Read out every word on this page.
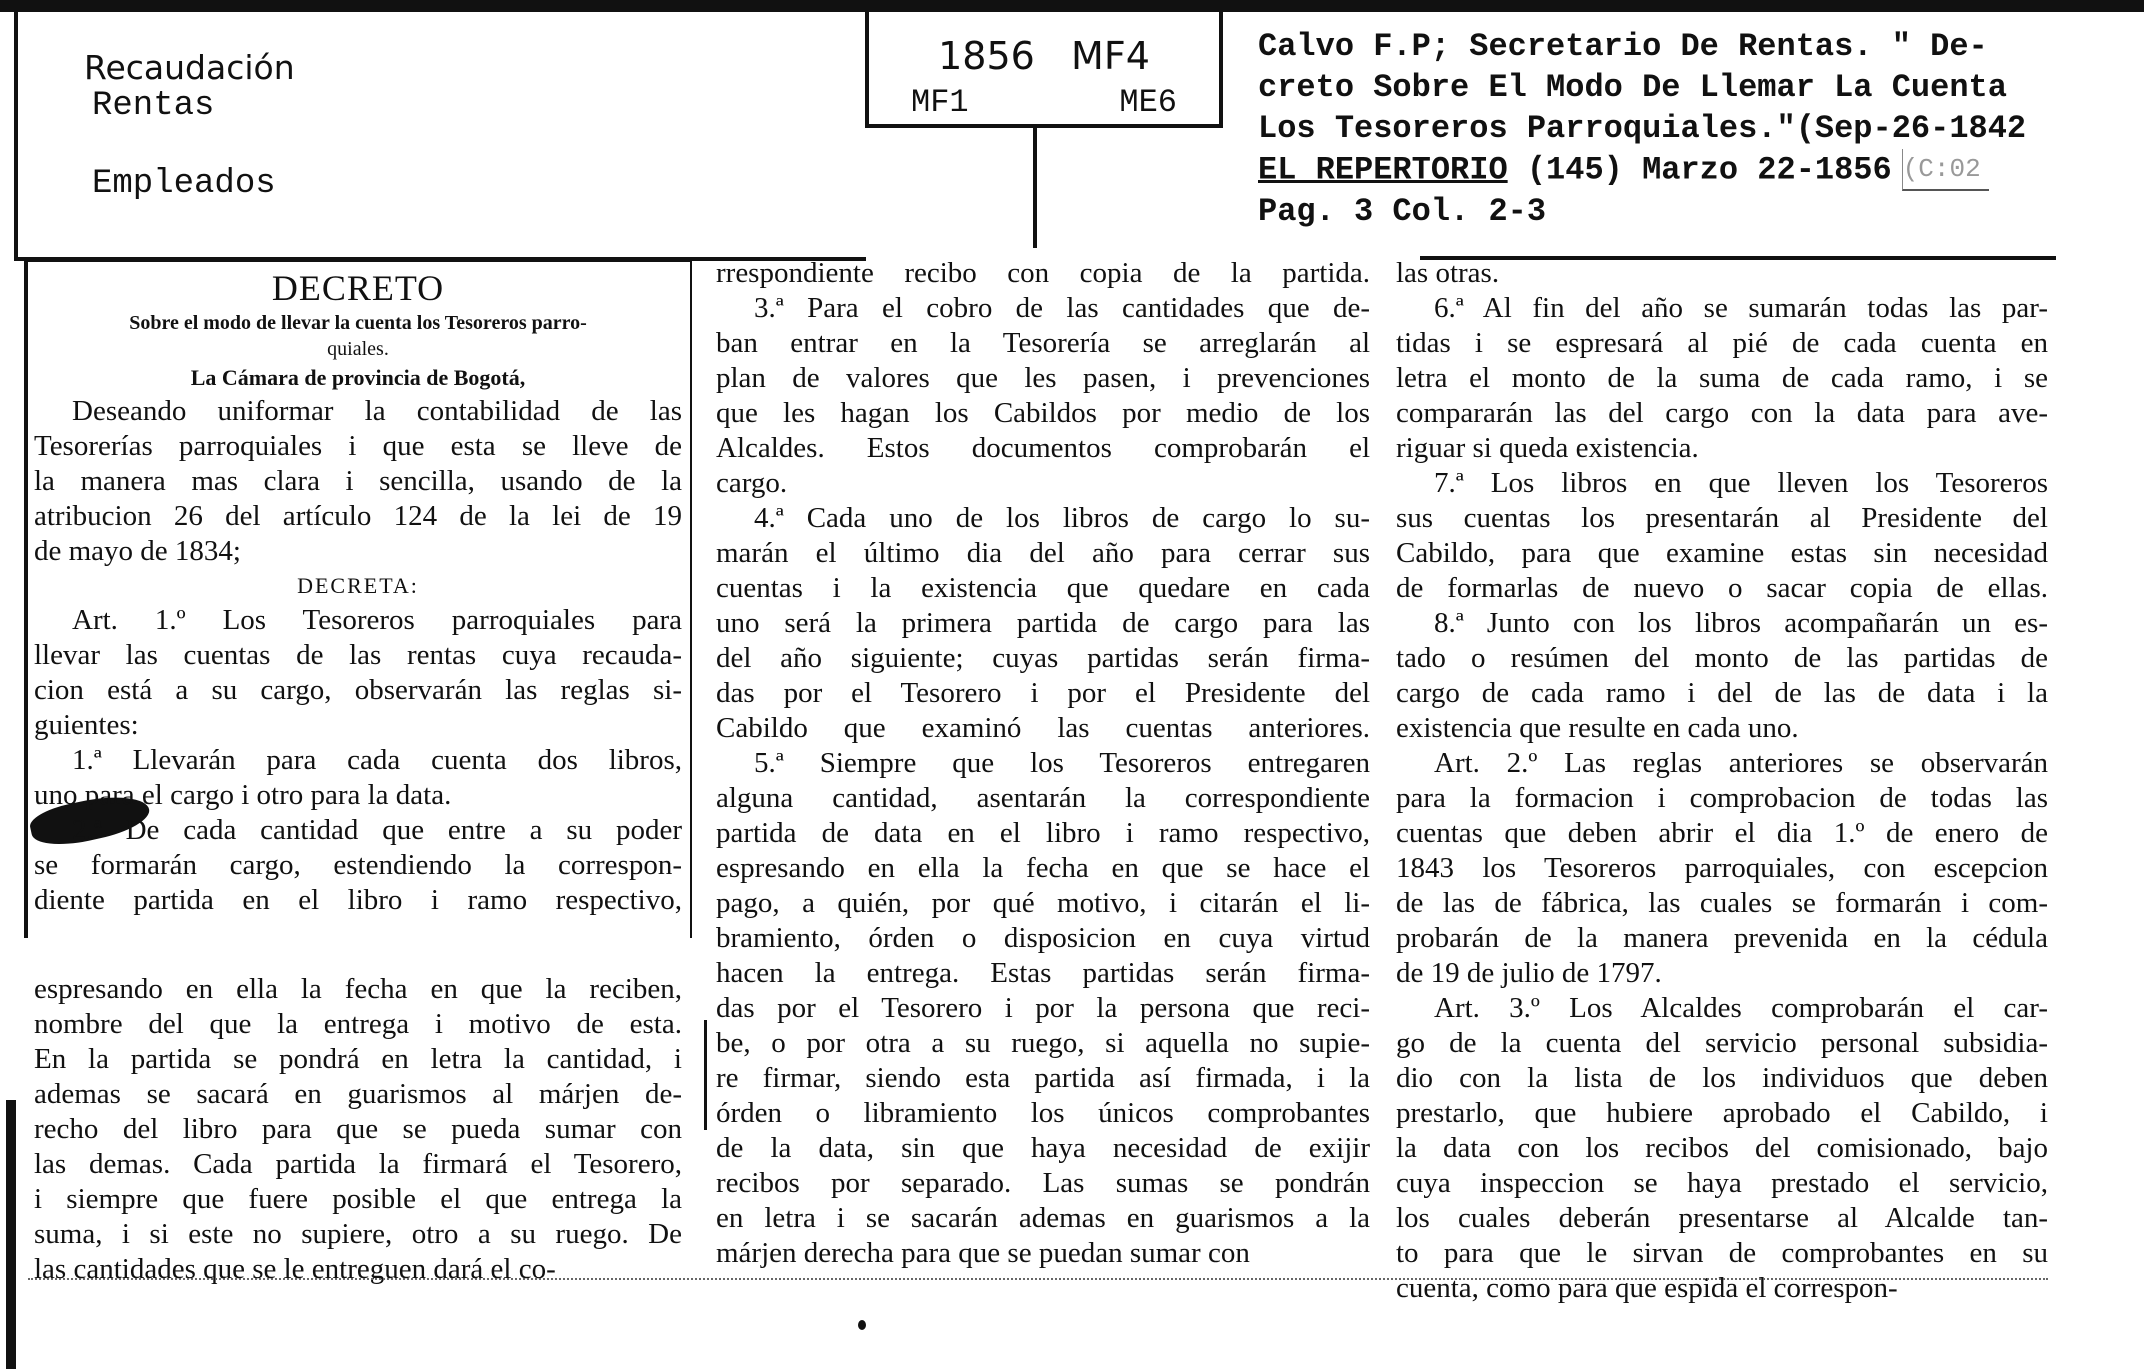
Recaudación
Rentas
Empleados
1856   MF4
MF1	ME6
Calvo F.P; Secretario De Rentas. " De-
creto Sobre El Modo De Llemar La Cuenta
Los Tesoreros Parroquiales."(Sep-26-1842
EL REPERTORIO (145) Marzo 22-1856 (C:02
Pag. 3 Col. 2-3
DECRETO
Sobre el modo de llevar la cuenta los Tesoreros parro-
quiales.
La Cámara de provincia de Bogotá,
Deseando uniformar la contabilidad de las
Tesorerías parroquiales i que esta se lleve de
la manera mas clara i sencilla, usando de la
atribucion 26 del artículo 124 de la lei de 19
de mayo de 1834;
DECRETA:
Art. 1.º Los Tesoreros parroquiales para
llevar las cuentas de las rentas cuya recauda-
cion está a su cargo, observarán las reglas si-
guientes:
1.ª Llevarán para cada cuenta dos libros,
uno para el cargo i otro para la data.
2.ª De cada cantidad que entre a su poder
se formarán cargo, estendiendo la correspon-
diente partida en el libro i ramo respectivo,
espresando en ella la fecha en que la reciben,
nombre del que la entrega i motivo de esta.
En la partida se pondrá en letra la cantidad, i
ademas se sacará en guarismos al márjen de-
recho del libro para que se pueda sumar con
las demas. Cada partida la firmará el Tesorero,
i siempre que fuere posible el que entrega la
suma, i si este no supiere, otro a su ruego. De
las cantidades que se le entreguen dará el co-
rrespondiente recibo con copia de la partida.
3.ª Para el cobro de las cantidades que de-
ban entrar en la Tesorería se arreglarán al
plan de valores que les pasen, i prevenciones
que les hagan los Cabildos por medio de los
Alcaldes. Estos documentos comprobarán el
cargo.
4.ª Cada uno de los libros de cargo lo su-
marán el último dia del año para cerrar sus
cuentas i la existencia que quedare en cada
uno será la primera partida de cargo para las
del año siguiente; cuyas partidas serán firma-
das por el Tesorero i por el Presidente del
Cabildo que examinó las cuentas anteriores.
5.ª Siempre que los Tesoreros entregaren
alguna cantidad, asentarán la correspondiente
partida de data en el libro i ramo respectivo,
espresando en ella la fecha en que se hace el
pago, a quién, por qué motivo, i citarán el li-
bramiento, órden o disposicion en cuya virtud
hacen la entrega. Estas partidas serán firma-
das por el Tesorero i por la persona que reci-
be, o por otra a su ruego, si aquella no supie-
re firmar, siendo esta partida así firmada, i la
órden o libramiento los únicos comprobantes
de la data, sin que haya necesidad de exijir
recibos por separado. Las sumas se pondrán
en letra i se sacarán ademas en guarismos a la
márjen derecha para que se puedan sumar con
las otras.
6.ª Al fin del año se sumarán todas las par-
tidas i se espresará al pié de cada cuenta en
letra el monto de la suma de cada ramo, i se
compararán las del cargo con la data para ave-
riguar si queda existencia.
7.ª Los libros en que lleven los Tesoreros
sus cuentas los presentarán al Presidente del
Cabildo, para que examine estas sin necesidad
de formarlas de nuevo o sacar copia de ellas.
8.ª Junto con los libros acompañarán un es-
tado o resúmen del monto de las partidas de
cargo de cada ramo i del de las de data i la
existencia que resulte en cada uno.
Art. 2.º Las reglas anteriores se observarán
para la formacion i comprobacion de todas las
cuentas que deben abrir el dia 1.º de enero de
1843 los Tesoreros parroquiales, con escepcion
de las de fábrica, las cuales se formarán i com-
probarán de la manera prevenida en la cédula
de 19 de julio de 1797.
Art. 3.º Los Alcaldes comprobarán el car-
go de la cuenta del servicio personal subsidia-
dio con la lista de los individuos que deben
prestarlo, que hubiere aprobado el Cabildo, i
la data con los recibos del comisionado, bajo
cuya inspeccion se haya prestado el servicio,
los cuales deberán presentarse al Alcalde tan-
to para que le sirvan de comprobantes en su
cuenta, como para que espida el correspon-
